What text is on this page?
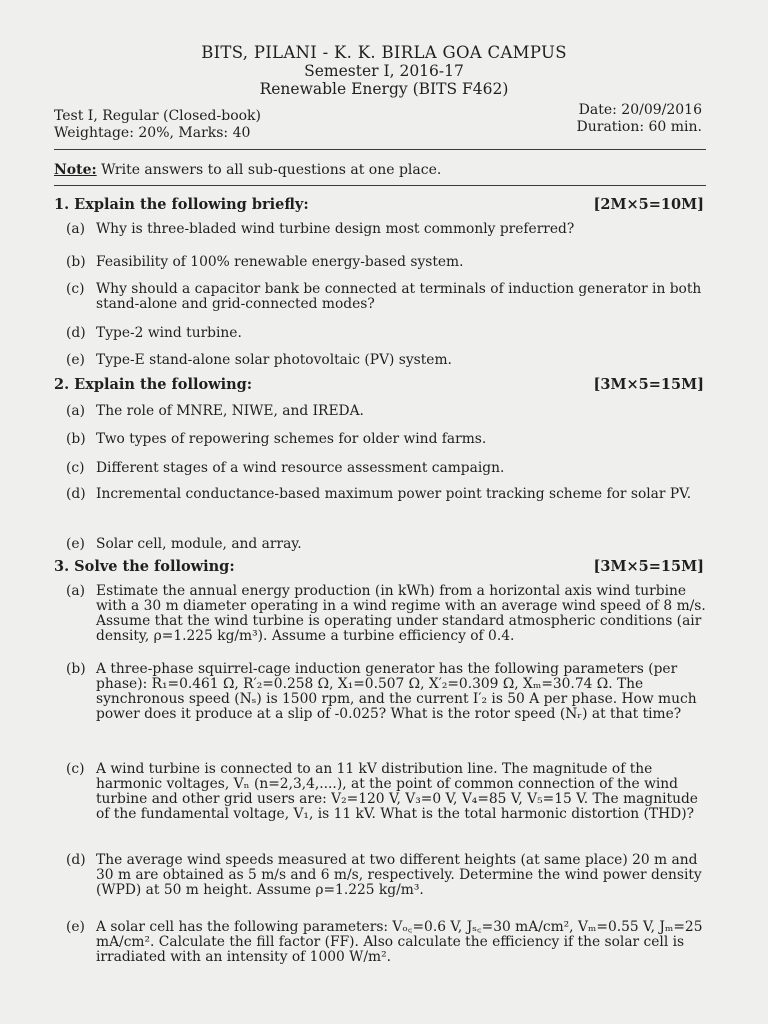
BITS, PILANI - K. K. BIRLA GOA CAMPUS
Semester I, 2016-17
Renewable Energy (BITS F462)
Test I, Regular (Closed-book)
Weightage: 20%, Marks: 40
Date: 20/09/2016
Duration: 60 min.
Note: Write answers to all sub-questions at one place.
1. Explain the following briefly:	[2M×5=10M]
(a) Why is three-bladed wind turbine design most commonly preferred?
(b) Feasibility of 100% renewable energy-based system.
(c) Why should a capacitor bank be connected at terminals of induction generator in both stand-alone and grid-connected modes?
(d) Type-2 wind turbine.
(e) Type-E stand-alone solar photovoltaic (PV) system.
2. Explain the following:	[3M×5=15M]
(a) The role of MNRE, NIWE, and IREDA.
(b) Two types of repowering schemes for older wind farms.
(c) Different stages of a wind resource assessment campaign.
(d) Incremental conductance-based maximum power point tracking scheme for solar PV.
(e) Solar cell, module, and array.
3. Solve the following:	[3M×5=15M]
(a) Estimate the annual energy production (in kWh) from a horizontal axis wind turbine with a 30 m diameter operating in a wind regime with an average wind speed of 8 m/s. Assume that the wind turbine is operating under standard atmospheric conditions (air density, ρ=1.225 kg/m³). Assume a turbine efficiency of 0.4.
(b) A three-phase squirrel-cage induction generator has the following parameters (per phase): R₁=0.461 Ω, R′₂=0.258 Ω, X₁=0.507 Ω, X′₂=0.309 Ω, Xₘ=30.74 Ω. The synchronous speed (Nₛ) is 1500 rpm, and the current I′₂ is 50 A per phase. How much power does it produce at a slip of -0.025? What is the rotor speed (Nᵣ) at that time?
(c) A wind turbine is connected to an 11 kV distribution line. The magnitude of the harmonic voltages, Vₙ (n=2,3,4,....), at the point of common connection of the wind turbine and other grid users are: V₂=120 V, V₃=0 V, V₄=85 V, V₅=15 V. The magnitude of the fundamental voltage, V₁, is 11 kV. What is the total harmonic distortion (THD)?
(d) The average wind speeds measured at two different heights (at same place) 20 m and 30 m are obtained as 5 m/s and 6 m/s, respectively. Determine the wind power density (WPD) at 50 m height. Assume ρ=1.225 kg/m³.
(e) A solar cell has the following parameters: Vₒ꜀=0.6 V, Jₛ꜀=30 mA/cm², Vₘ=0.55 V, Jₘ=25 mA/cm². Calculate the fill factor (FF). Also calculate the efficiency if the solar cell is irradiated with an intensity of 1000 W/m².
